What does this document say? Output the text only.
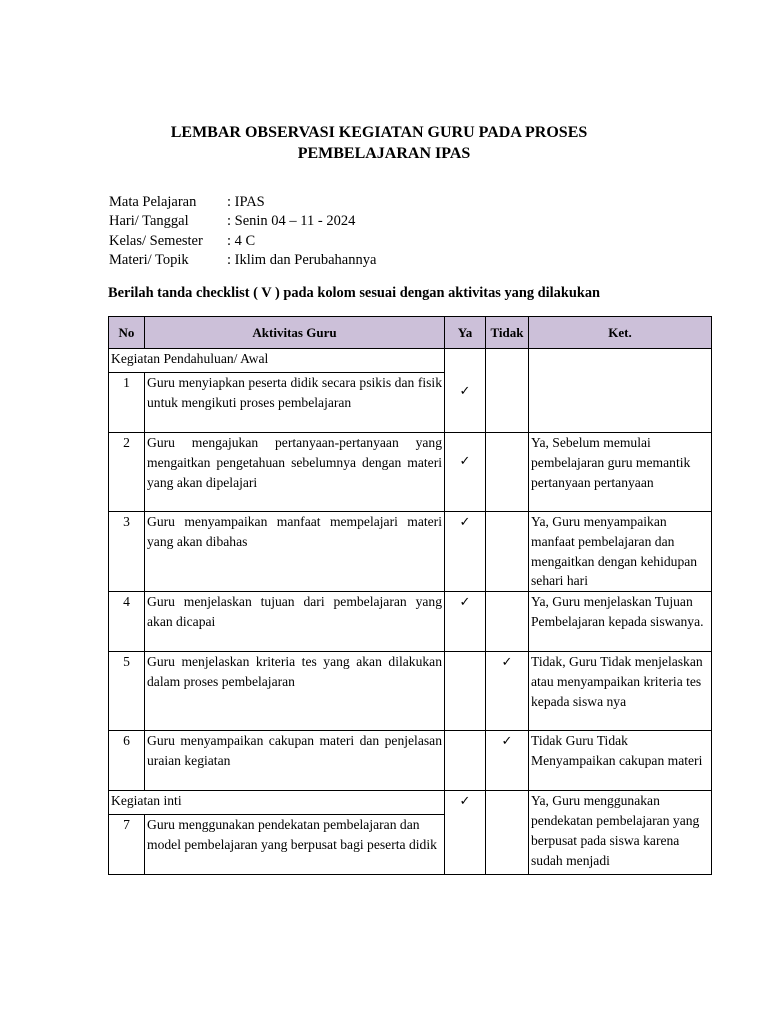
LEMBAR OBSERVASI KEGIATAN GURU PADA PROSES
PEMBELAJARAN IPAS
Mata Pelajaran	: IPAS
Hari/ Tanggal	: Senin 04 – 11 - 2024
Kelas/ Semester	: 4 C
Materi/ Topik	: Iklim dan Perubahannya
Berilah tanda checklist ( V ) pada kolom sesuai dengan aktivitas yang dilakukan
No	Aktivitas Guru	Ya	Tidak	Ket.
Kegiatan Pendahuluan/ Awal		✓		
1	Guru menyiapkan peserta didik secara psikis dan fisik untuk mengikuti proses pembelajaran			
2	Guru mengajukan pertanyaan-pertanyaan yang mengaitkan pengetahuan sebelumnya dengan materi yang akan dipelajari	✓		Ya, Sebelum memulai pembelajaran guru memantik pertanyaan pertanyaan
3	Guru menyampaikan manfaat mempelajari materi yang akan dibahas	✓		Ya, Guru menyampaikan manfaat pembelajaran dan mengaitkan dengan kehidupan sehari hari
4	Guru menjelaskan tujuan dari pembelajaran yang akan dicapai	✓		Ya, Guru menjelaskan Tujuan Pembelajaran kepada siswanya.
5	Guru menjelaskan kriteria tes yang akan dilakukan dalam proses pembelajaran		✓	Tidak, Guru Tidak menjelaskan atau menyampaikan kriteria tes kepada siswa nya
6	Guru menyampaikan cakupan materi dan penjelasan uraian kegiatan		✓	Tidak Guru Tidak Menyampaikan cakupan materi
Kegiatan inti		✓		Ya, Guru menggunakan pendekatan pembelajaran yang berpusat pada siswa karena sudah menjadi
7	Guru menggunakan pendekatan pembelajaran dan model pembelajaran yang berpusat bagi peserta didik			
